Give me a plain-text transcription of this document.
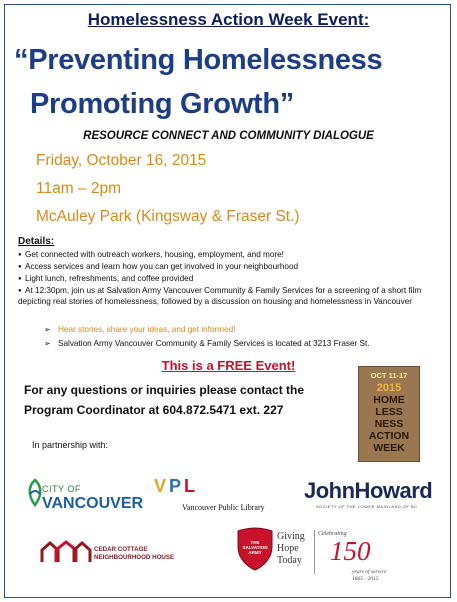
Homelessness Action Week Event:
“Preventing Homelessness
Promoting Growth”
RESOURCE CONNECT AND COMMUNITY DIALOGUE
Friday, October 16, 2015
11am – 2pm
McAuley Park (Kingsway & Fraser St.)
Details:
● Get connected with outreach workers, housing, employment, and more!
● Access services and learn how you can get involved in your neighbourhood
● Light lunch, refreshments, and coffee provided
● At 12:30pm, join us at Salvation Army Vancouver Community & Family Services for a screening of a short film depicting real stories of homelessness, followed by a discussion on housing and homelessness in Vancouver
➢ Hear stories, share your ideas, and get informed!
➢ Salvation Army Vancouver Community & Family Services is located at 3213 Fraser St.
This is a FREE Event!
For any questions or inquiries please contact the
Program Coordinator at 604.872.5471 ext. 227
OCT 11-17
2015
HOME
LESS
NESS
ACTION
WEEK
In partnership with:
CITY OF
VANCOUVER
VPL
Vancouver Public Library
JohnHoward
SOCIETY OF THE LOWER MAINLAND OF BC
CEDAR COTTAGE
NEIGHBOURHOOD HOUSE
THE SALVATION ARMY
Giving
Hope
Today
Celebrating
150
years of service
1865 - 2015
